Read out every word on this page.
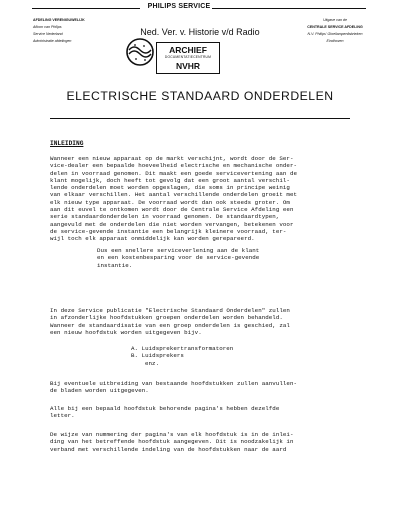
PHILIPS SERVICE
AFDELING VERENIGUWELIJK
Afkom van Philips
Service Nederland
Administratie afdelingen
Uitgave van de
CENTRALE SERVICE AFDELING
N.V. Philips' Gloeilampenfabrieken
Eindhoven
Ned. Ver. v. Historie v/d Radio
ARCHIEF
DOCUMENTATIECENTRUM
NVHR
ELECTRISCHE STANDAARD ONDERDELEN
INLEIDING
Wanneer een nieuw apparaat op de markt verschijnt, wordt door de Ser-
vice-dealer een bepaalde hoeveelheid electrische en mechanische onder-
delen in voorraad genomen. Dit maakt een goede servicevertening aan de
klant mogelijk, doch heeft tot gevolg dat een groot aantal verschil-
lende onderdelen moet worden opgeslagen, die soms in principe weinig
van elkaar verschillen. Het aantal verschillende onderdelen groeit met
elk nieuw type apparaat. De voorraad wordt dan ook steeds groter. Om
aan dit euvel te ontkomen wordt door de Centrale Service Afdeling een
serie standaardonderdelen in voorraad genomen. De standaardtypen,
aangevuld met de onderdelen die niet worden vervangen, betekenen voor
de service-gevende instantie een belangrijk kleinere voorraad, ter-
wijl toch elk apparaat onmiddelijk kan worden gerepareerd.
Dus een snellere serviceverlening aan de klant
en een kostenbesparing voor de service-gevende
instantie.
In deze Service publicatie "Electrische Standaard Onderdelen" zullen
in afzonderlijke hoofdstukken groepen onderdelen worden behandeld.
Wanneer de standaardisatie van een groep onderdelen is geschied, zal
een nieuw hoofdstuk worden uitgegeven bijv.
A. Luidsprekertransformatoren
B. Luidsprekers
enz.
Bij eventuele uitbreiding van bestaande hoofdstukken zullen aanvullen-
de bladen worden uitgegeven.
Alle bij een bepaald hoofdstuk behorende pagina's hebben dezelfde
letter.
De wijze van nummering der pagina's van elk hoofdstuk is in de inlei-
ding van het betreffende hoofdstuk aangegeven. Dit is noodzakelijk in
verband met verschillende indeling van de hoofdstukken naar de aard
